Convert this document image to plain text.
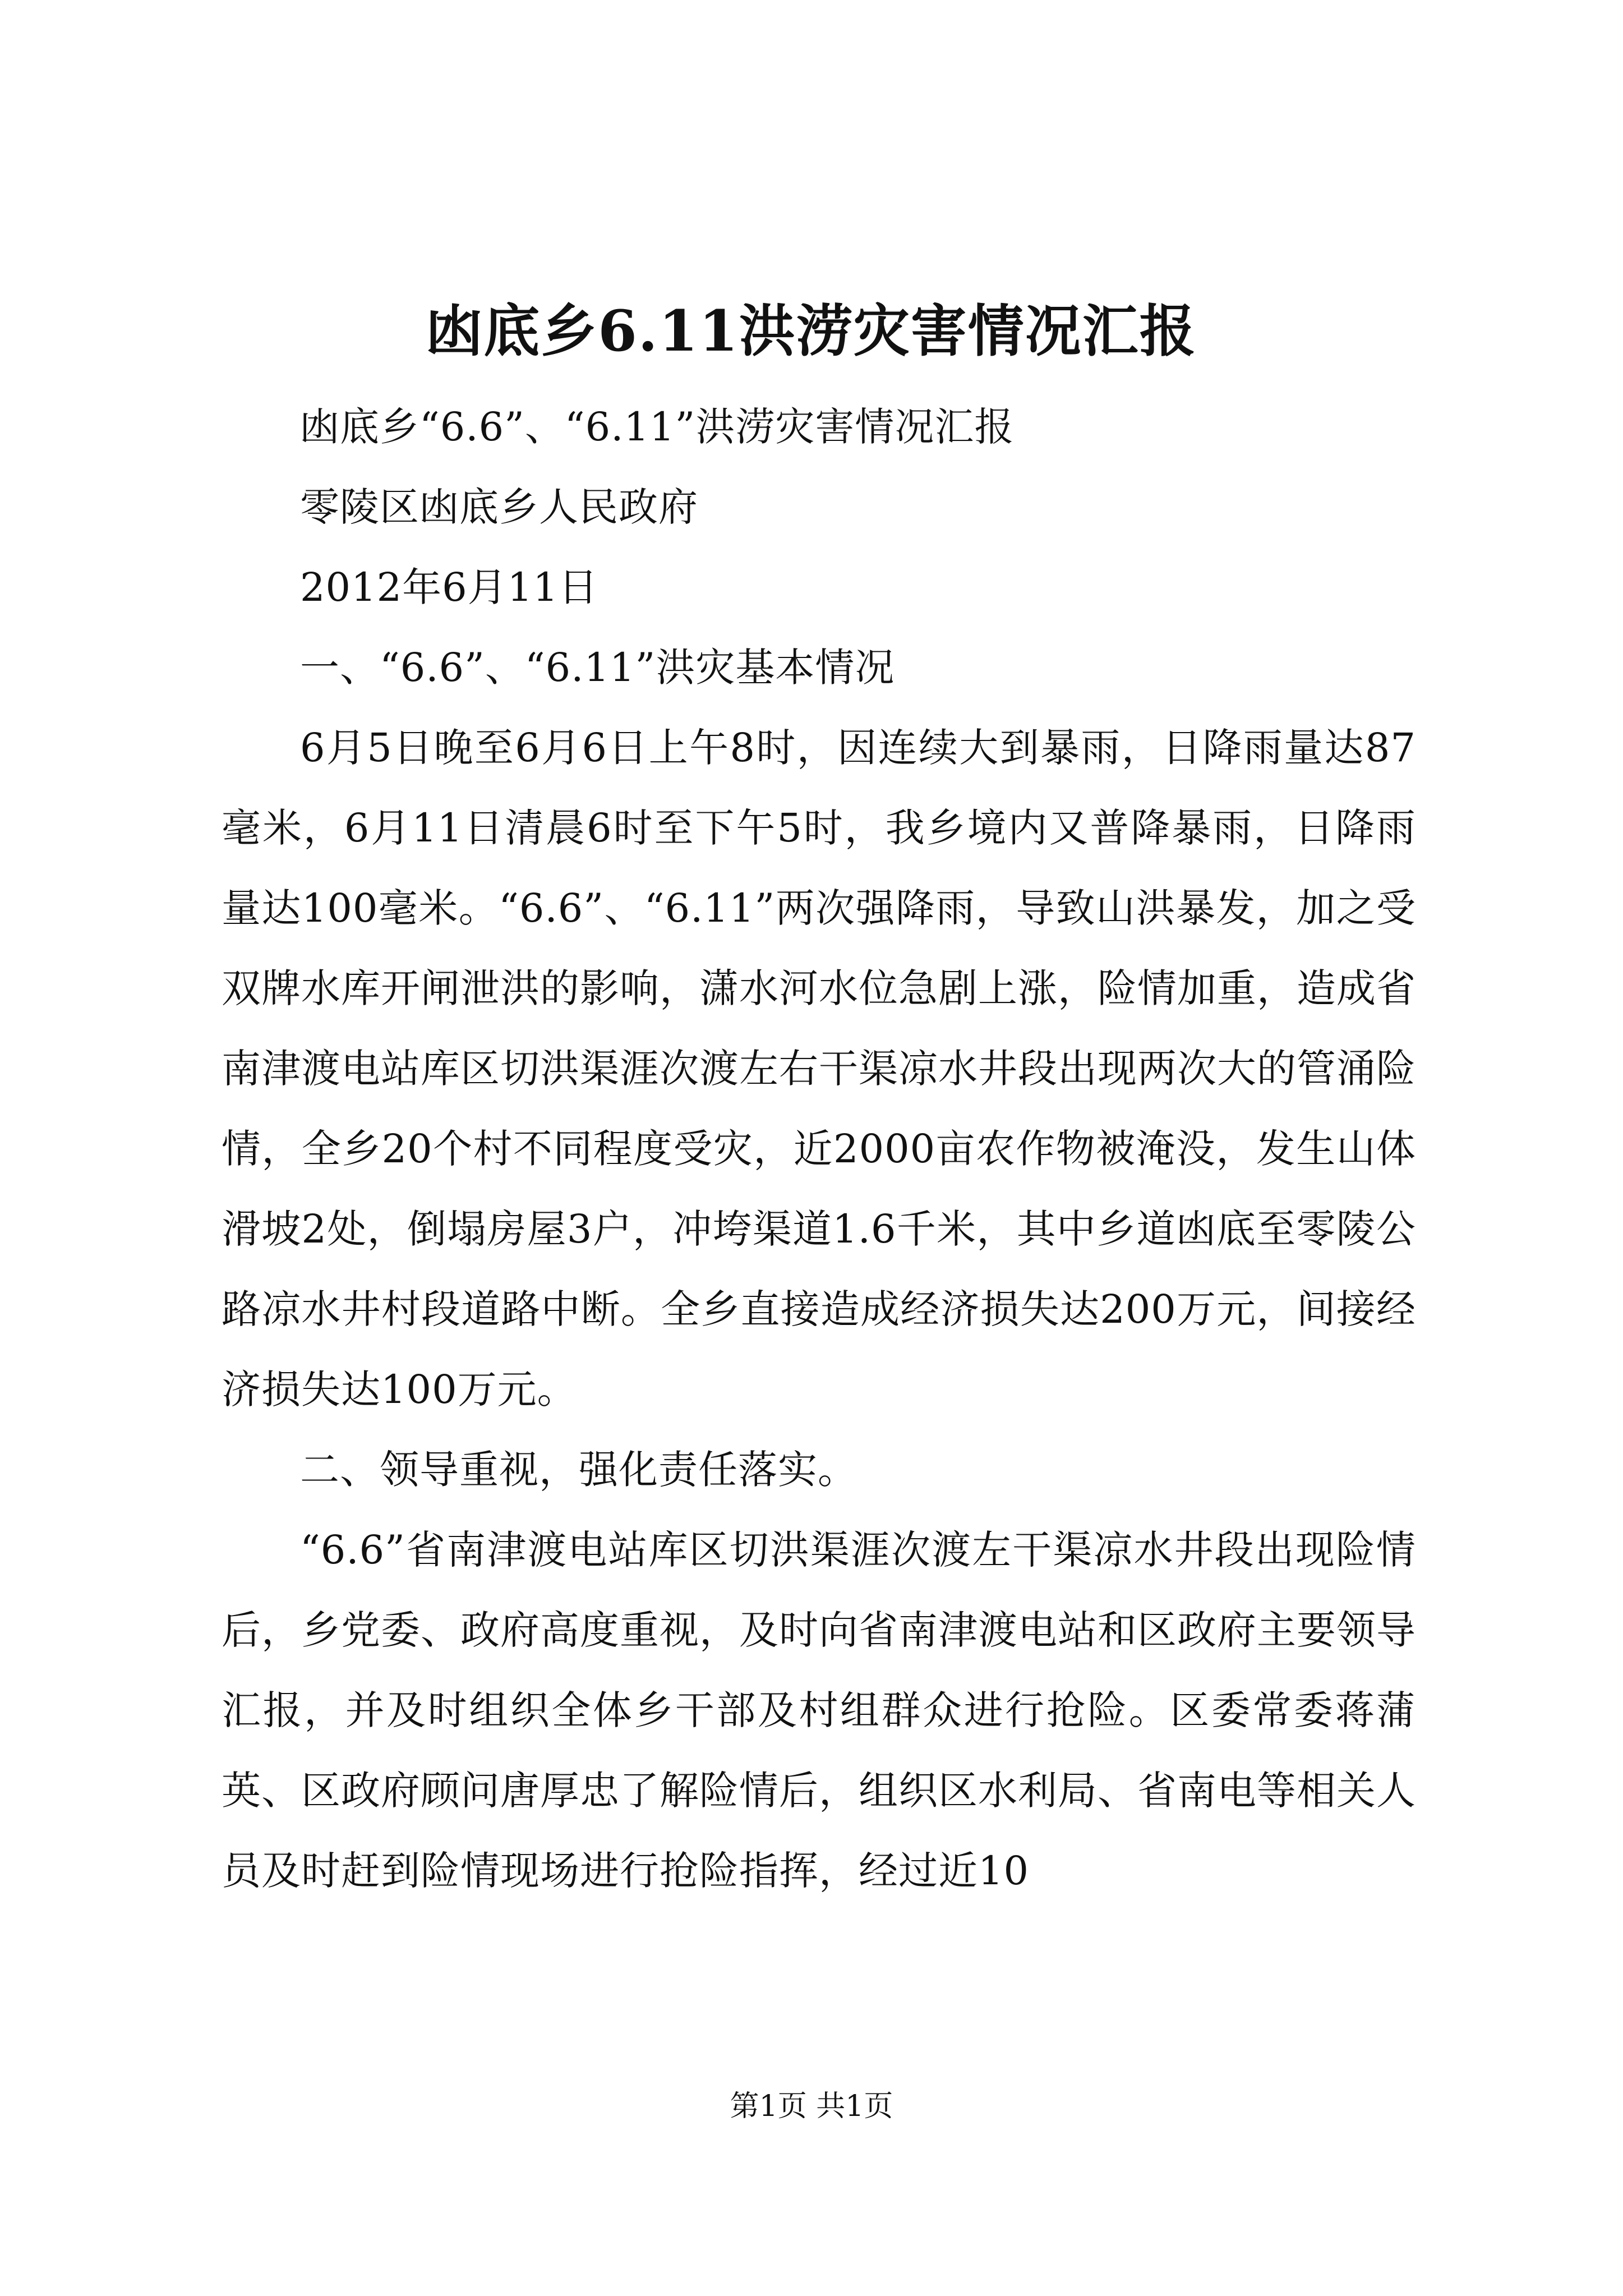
凼底乡6.11洪涝灾害情况汇报

凼底乡“6.6”、“6.11”洪涝灾害情况汇报

零陵区凼底乡人民政府

2012年6月11日

一、“6.6”、“6.11”洪灾基本情况

6月5日晚至6月6日上午8时，因连续大到暴雨，日降雨量达87毫米，6月11日清晨6时至下午5时，我乡境内又普降暴雨，日降雨量达100毫米。“6.6”、“6.11”两次强降雨，导致山洪暴发，加之受双牌水库开闸泄洪的影响，潇水河水位急剧上涨，险情加重，造成省南津渡电站库区切洪渠涯次渡左右干渠凉水井段出现两次大的管涌险情，全乡20个村不同程度受灾，近2000亩农作物被淹没，发生山体滑坡2处，倒塌房屋3户，冲垮渠道1.6千米，其中乡道凼底至零陵公路凉水井村段道路中断。全乡直接造成经济损失达200万元，间接经济损失达100万元。

二、领导重视，强化责任落实。

“6.6”省南津渡电站库区切洪渠涯次渡左干渠凉水井段出现险情后，乡党委、政府高度重视，及时向省南津渡电站和区政府主要领导汇报，并及时组织全体乡干部及村组群众进行抢险。区委常委蒋蒲英、区政府顾问唐厚忠了解险情后，组织区水利局、省南电等相关人员及时赶到险情现场进行抢险指挥，经过近10

第1页 共1页
